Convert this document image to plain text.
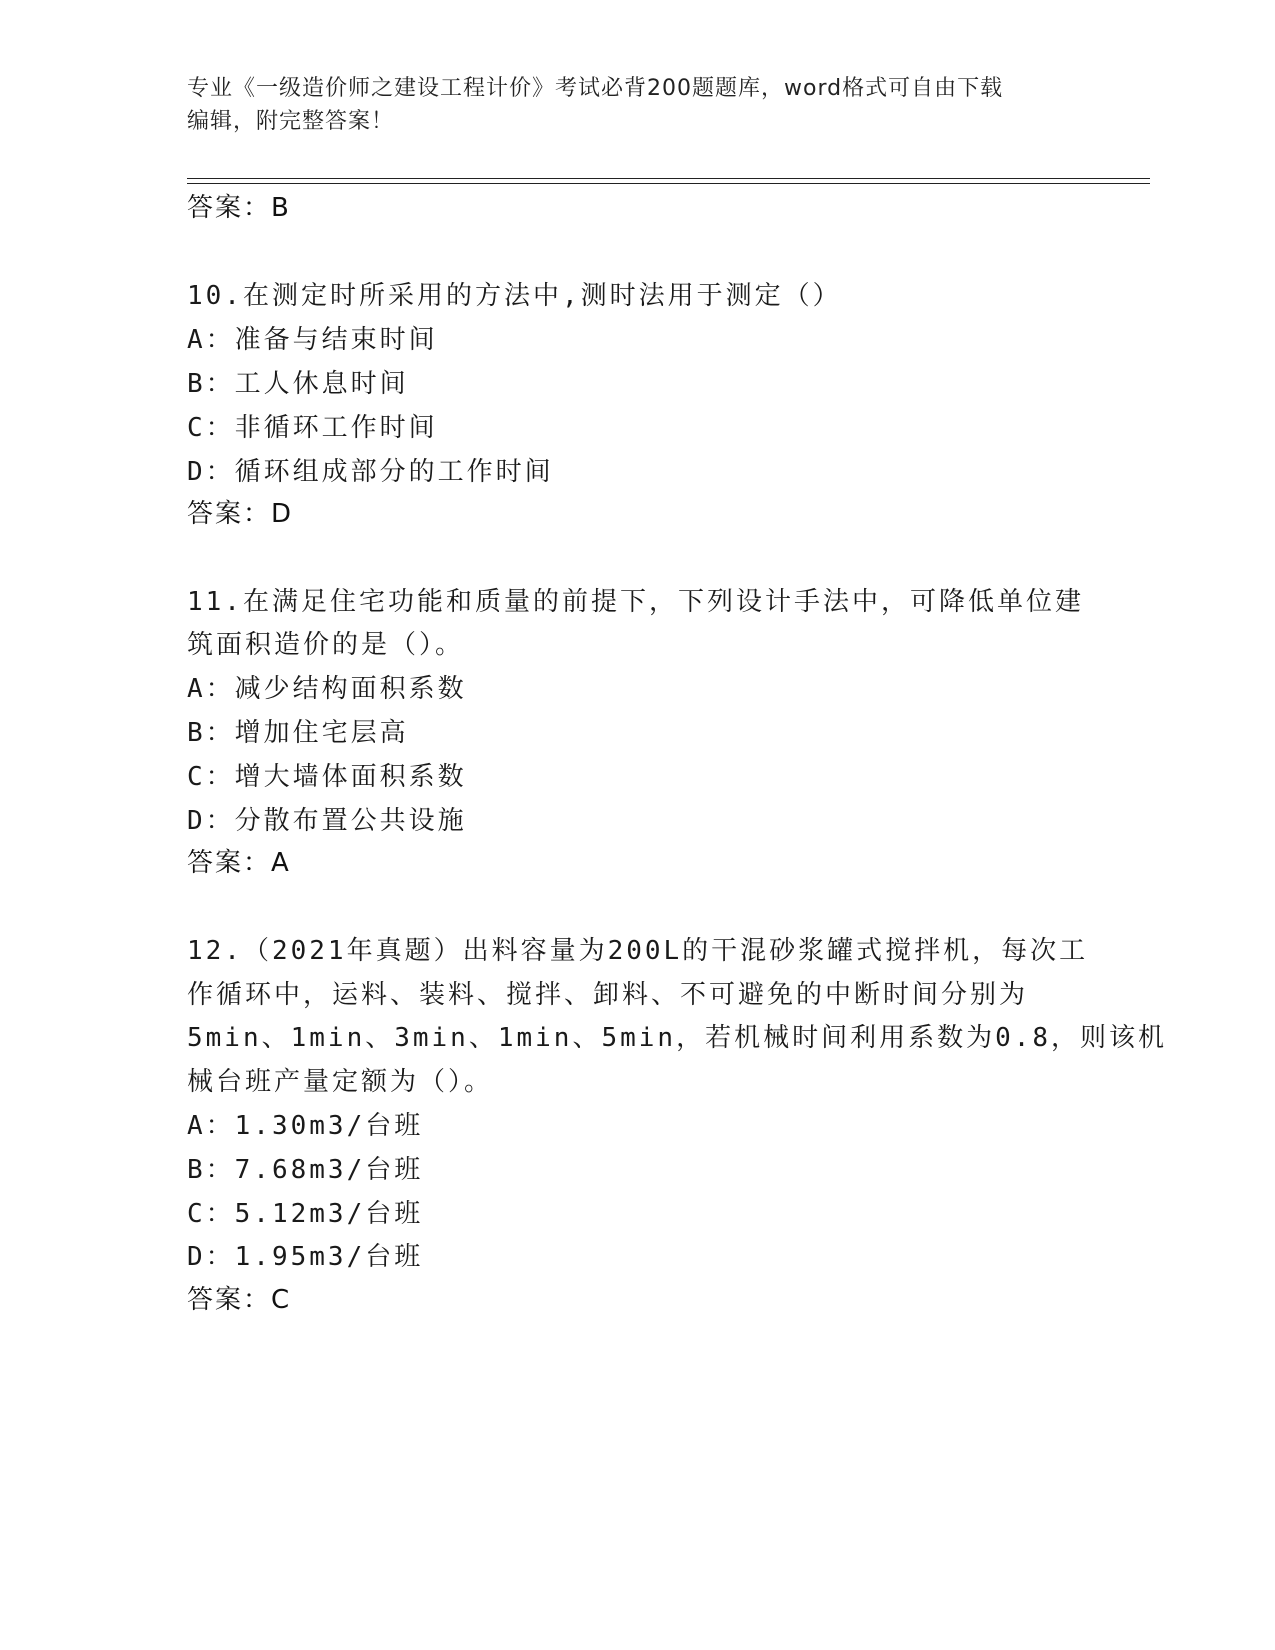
专业《一级造价师之建设工程计价》考试必背200题题库，word格式可自由下载
编辑，附完整答案！
答案：B
10.在测定时所采用的方法中,测时法用于测定（）
A：准备与结束时间
B：工人休息时间
C：非循环工作时间
D：循环组成部分的工作时间
答案：D
11.在满足住宅功能和质量的前提下，下列设计手法中，可降低单位建
筑面积造价的是（）。
A：减少结构面积系数
B：增加住宅层高
C：增大墙体面积系数
D：分散布置公共设施
答案：A
12.（2021年真题）出料容量为200L的干混砂浆罐式搅拌机，每次工
作循环中，运料、装料、搅拌、卸料、不可避免的中断时间分别为
5min、1min、3min、1min、5min，若机械时间利用系数为0.8，则该机
械台班产量定额为（）。
A：1.30m3/台班
B：7.68m3/台班
C：5.12m3/台班
D：1.95m3/台班
答案：C
